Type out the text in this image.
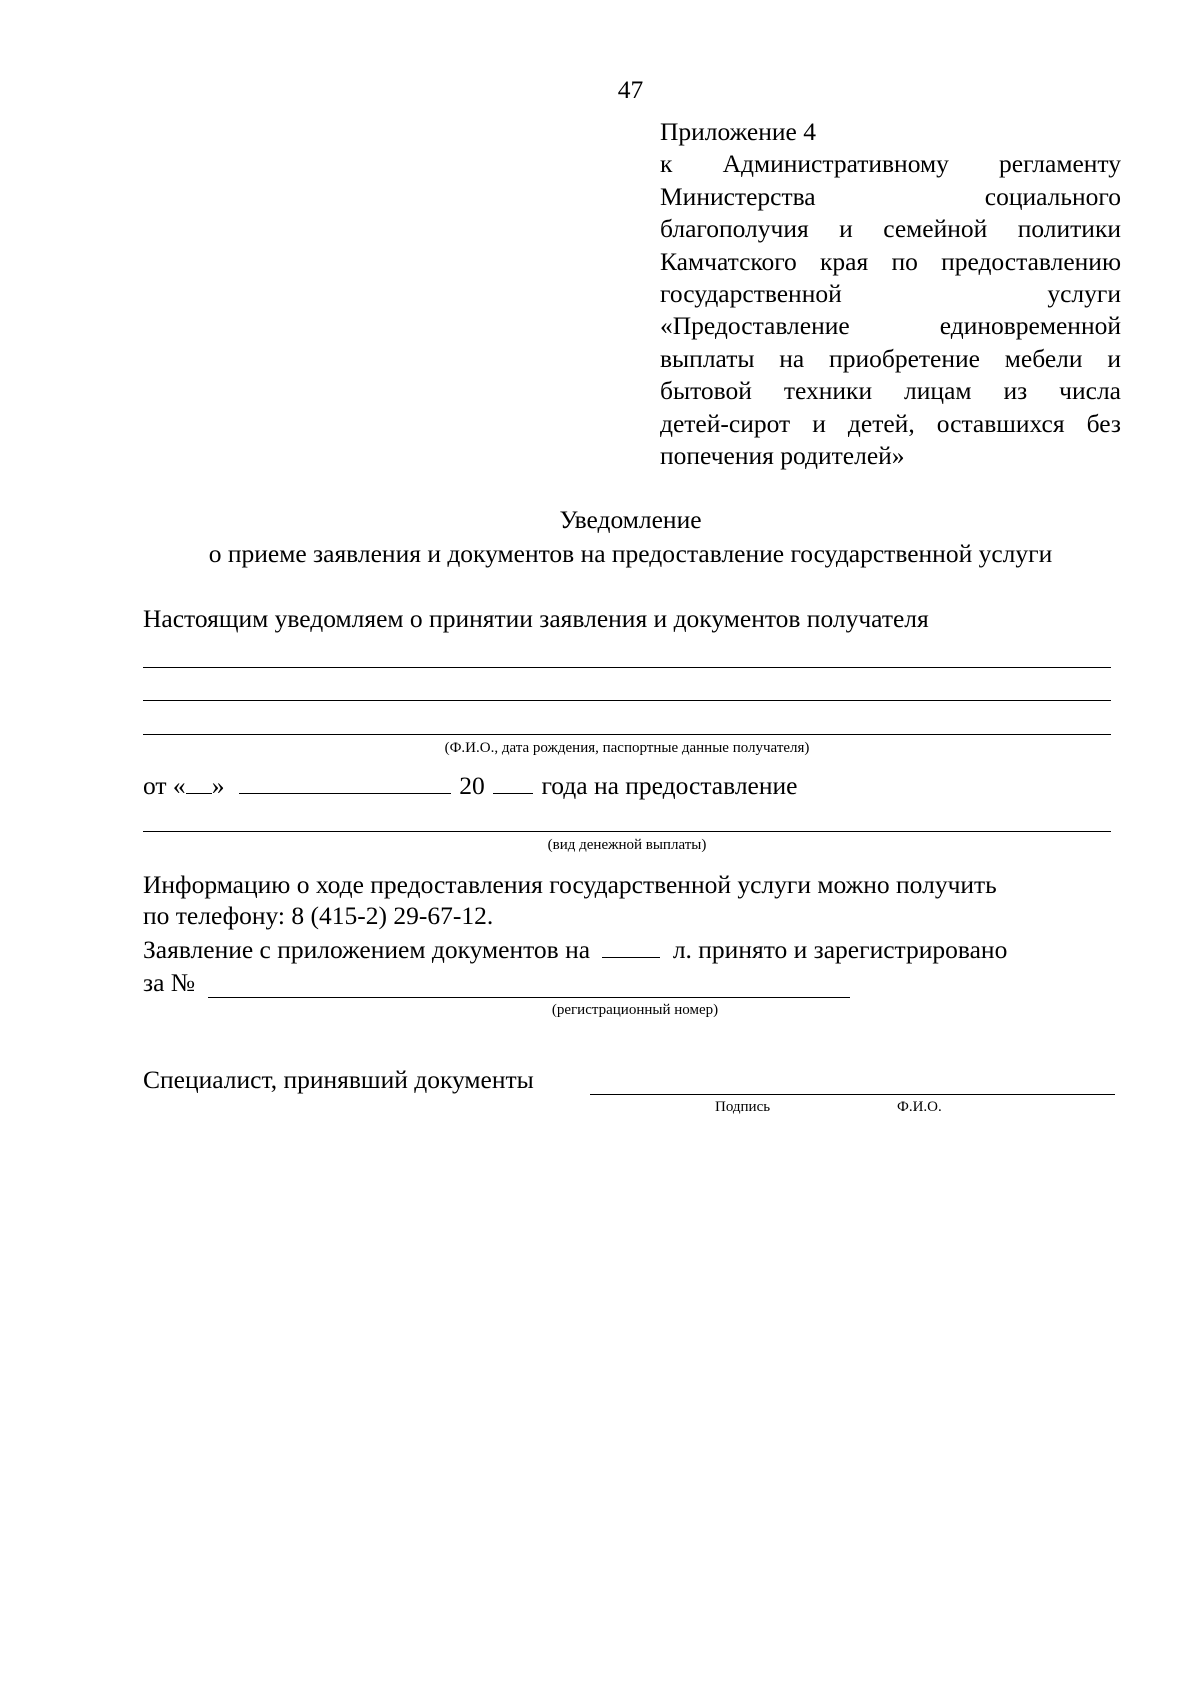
47
Приложение 4
к Административному регламенту
Министерства социального
благополучия и семейной политики
Камчатского края по предоставлению
государственной услуги
«Предоставление единовременной
выплаты на приобретение мебели и
бытовой техники лицам из числа
детей-сирот и детей, оставшихся без
попечения родителей»
Уведомление
о приеме заявления и документов на предоставление государственной услуги
Настоящим уведомляем о принятии заявления и документов получателя
(Ф.И.О., дата рождения, паспортные данные получателя)
от « »	20 года на предоставление
(вид денежной выплаты)
Информацию о ходе предоставления государственной услуги можно получить
по телефону: 8 (415-2) 29-67-12.
Заявление с приложением документов на	л. принято и зарегистрировано
за №
(регистрационный номер)
Специалист, принявший документы
Подпись	Ф.И.О.
